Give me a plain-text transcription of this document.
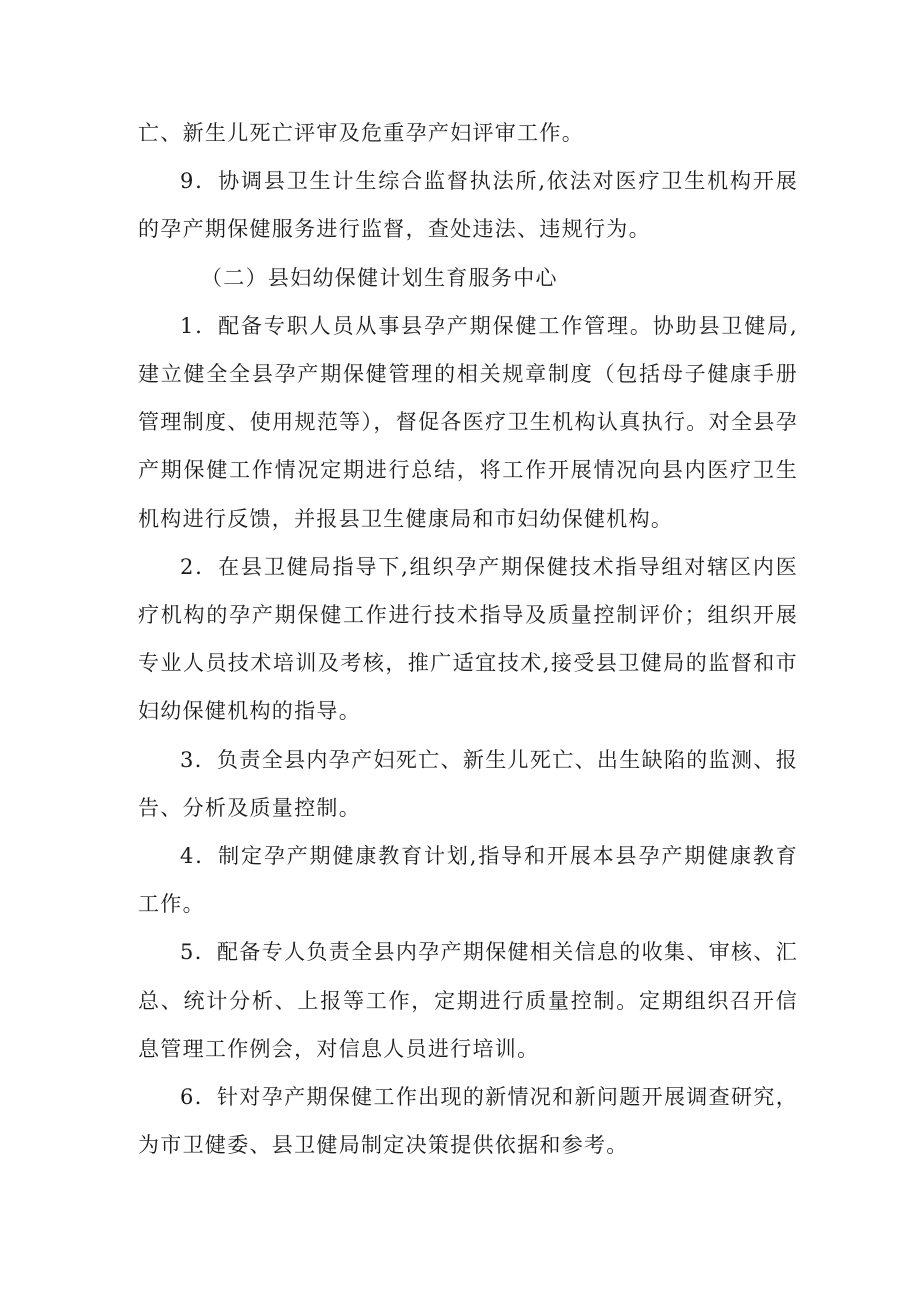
亡、新生儿死亡评审及危重孕产妇评审工作。

9．协调县卫生计生综合监督执法所,依法对医疗卫生机构开展的孕产期保健服务进行监督，查处违法、违规行为。

（二）县妇幼保健计划生育服务中心

1．配备专职人员从事县孕产期保健工作管理。协助县卫健局,建立健全全县孕产期保健管理的相关规章制度（包括母子健康手册管理制度、使用规范等），督促各医疗卫生机构认真执行。对全县孕产期保健工作情况定期进行总结，将工作开展情况向县内医疗卫生机构进行反馈，并报县卫生健康局和市妇幼保健机构。

2．在县卫健局指导下,组织孕产期保健技术指导组对辖区内医疗机构的孕产期保健工作进行技术指导及质量控制评价；组织开展专业人员技术培训及考核，推广适宜技术,接受县卫健局的监督和市妇幼保健机构的指导。

3．负责全县内孕产妇死亡、新生儿死亡、出生缺陷的监测、报告、分析及质量控制。

4．制定孕产期健康教育计划,指导和开展本县孕产期健康教育工作。

5．配备专人负责全县内孕产期保健相关信息的收集、审核、汇总、统计分析、上报等工作，定期进行质量控制。定期组织召开信息管理工作例会，对信息人员进行培训。

6．针对孕产期保健工作出现的新情况和新问题开展调查研究，为市卫健委、县卫健局制定决策提供依据和参考。
